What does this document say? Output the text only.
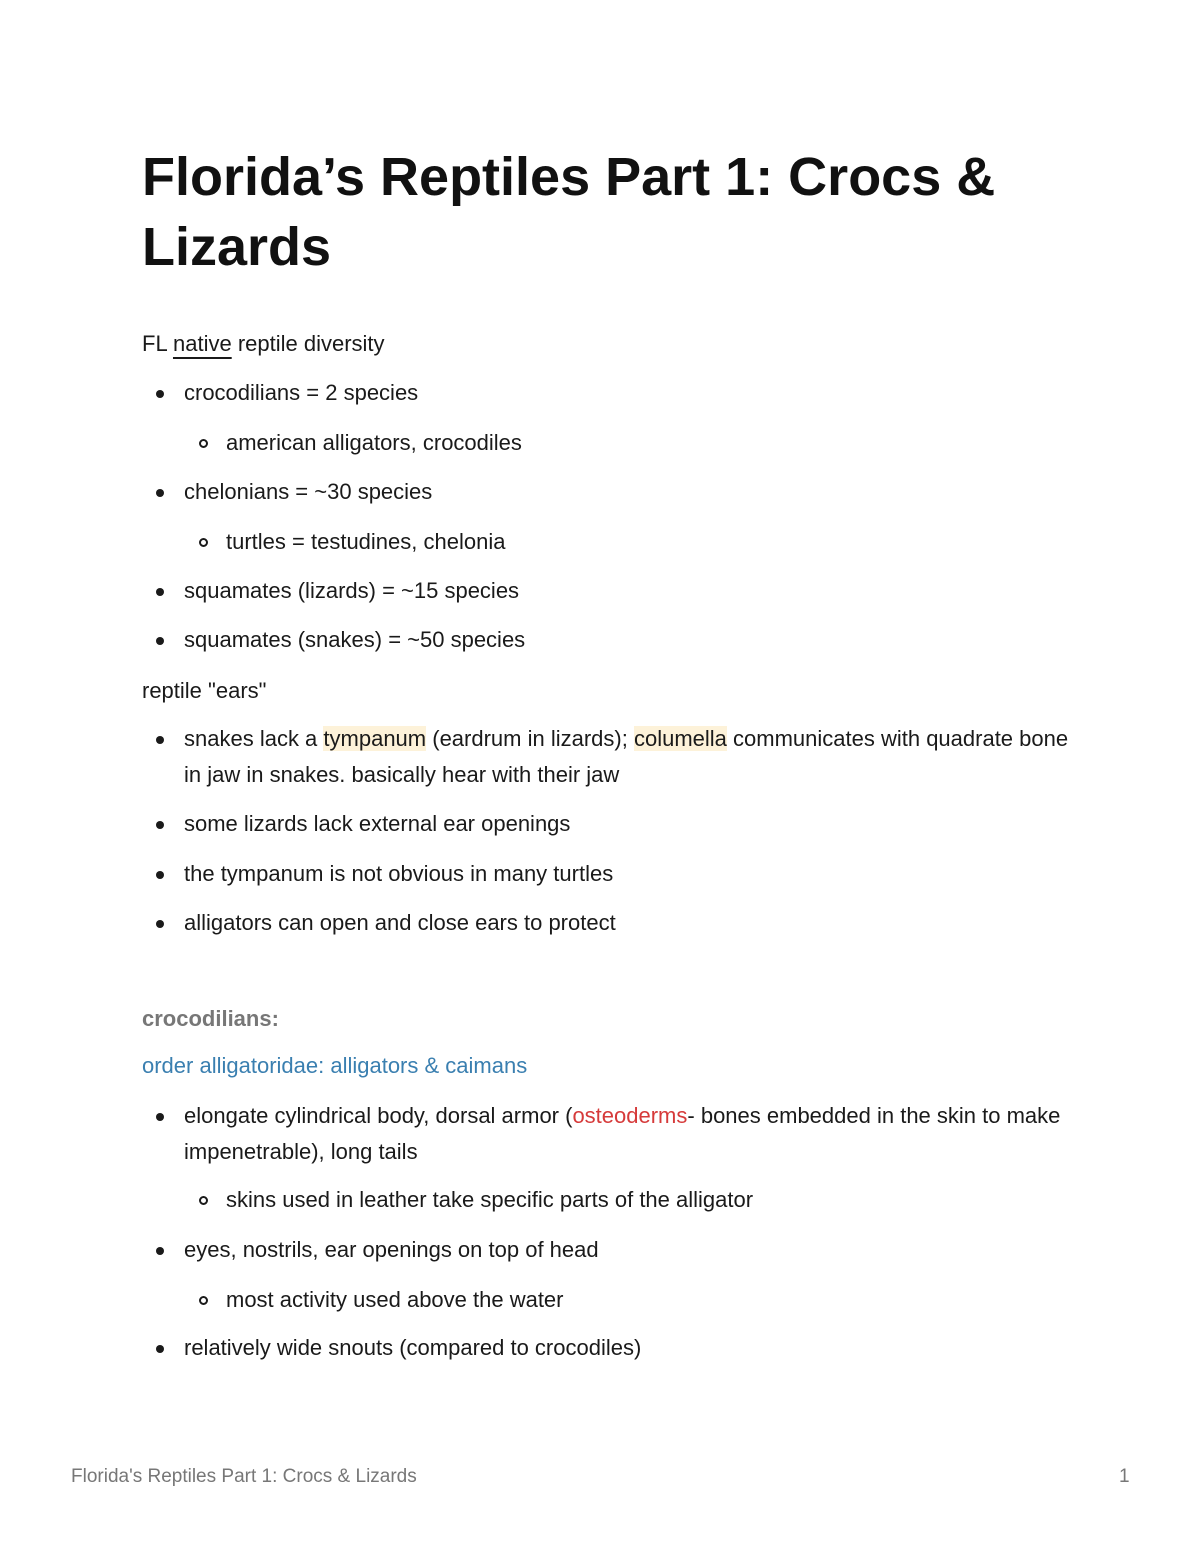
Florida’s Reptiles Part 1: Crocs & Lizards

FL native reptile diversity

crocodilians = 2 species
american alligators, crocodiles
chelonians = ~30 species
turtles = testudines, chelonia
squamates (lizards) = ~15 species
squamates (snakes) = ~50 species

reptile "ears"

snakes lack a tympanum (eardrum in lizards); columella communicates with quadrate bone in jaw in snakes. basically hear with their jaw
some lizards lack external ear openings
the tympanum is not obvious in many turtles
alligators can open and close ears to protect

crocodilians:

order alligatoridae: alligators & caimans

elongate cylindrical body, dorsal armor (osteoderms- bones embedded in the skin to make impenetrable), long tails
skins used in leather take specific parts of the alligator
eyes, nostrils, ear openings on top of head
most activity used above the water
relatively wide snouts (compared to crocodiles)
Florida's Reptiles Part 1: Crocs & Lizards	1
